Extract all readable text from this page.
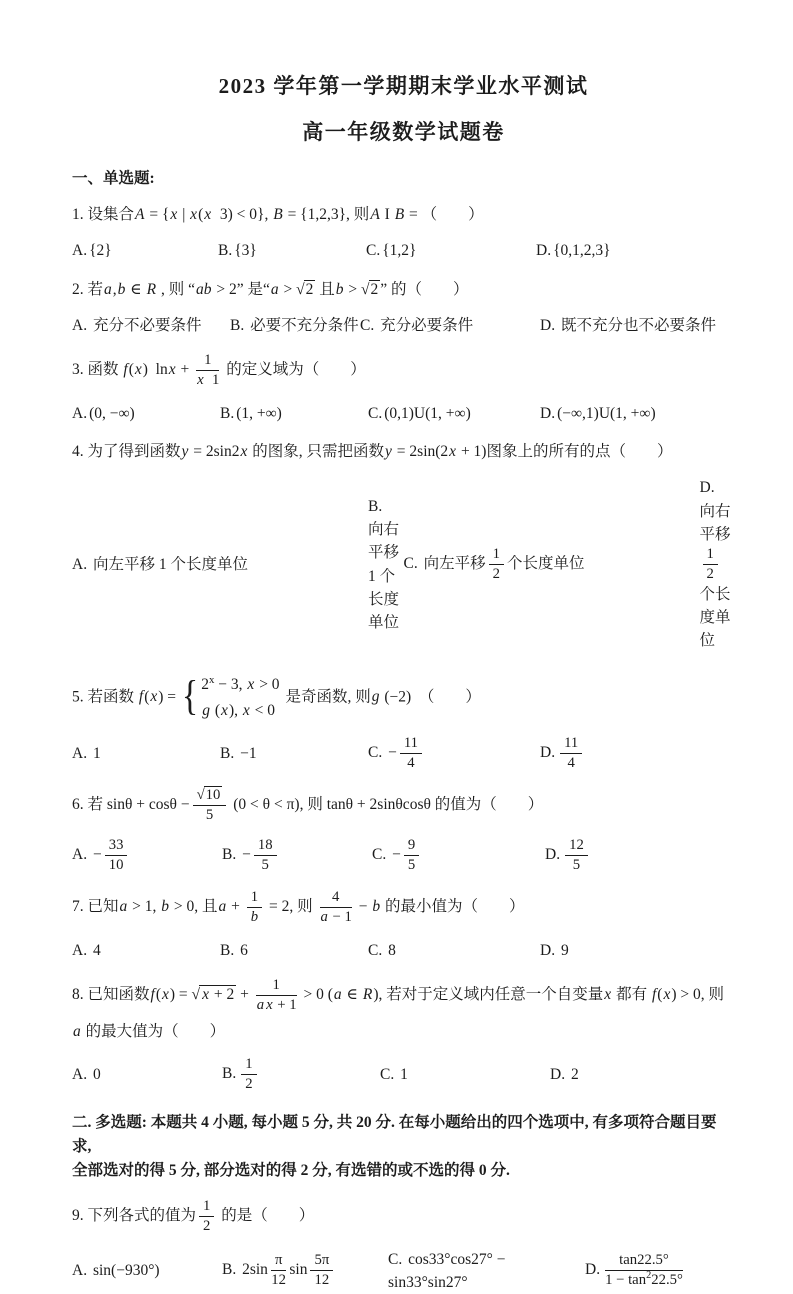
2023 学年第一学期期末学业水平测试
高一年级数学试题卷

一、单选题:

1. 设集合A = {x | x(x  3) < 0}, B = {1,2,3}, 则A I B = （　　）
A. {2}	B. {3}	C. {1,2}	D. {0,1,2,3}
2. 若a,b ∈ R , 则 “ab > 2” 是“a > √ 2 且b > √ 2 ” 的（　　）
A. 充分不必要条件	B. 必要不充分条件 C. 充分必要条件	D. 既不充分也不必要条件
3. 函数 f(x)  $\ln x + \frac{1}{x 1}$ 的定义域为（　　）
A. (0, −∞)	B. (1, +∞)	C. (0,1)U(1, +∞)	D. (−∞,1)U(1, +∞)
4. 为了得到函数y = 2sin2x 的图象, 只需把函数y = 2sin(2x + 1)图象上的所有的点（　　）
A. 向左平移 1 个长度单位
B. 向右平移 1 个长度单位
C. 向左平移 $\frac{1}{2}$ 个长度单位
D. 向右平移
$\frac{1}{2}$
个长度单位
5. 若函数 f(x) = { $2^x - 3$, x > 0
g (x), x < 0
是奇函数, 则g (−2)　（　　）
A. 1	B. −1	C. − $\frac{11}{4}$	D. $\frac{11}{4}$
6. 若 $\sin\theta + \cos\theta - \frac{√ 10}{5} (0 < \theta < \pi)$, 则 tanθ + 2sinθcosθ 的值为（　　）
A. − $\frac{33}{10}$	B. − $\frac{18}{5}$	C. − $\frac{9}{5}$	D. $\frac{12}{5}$
7. 已知a > 1, b > 0, 且$a + \frac{1}{b} = 2$, 则 $\frac{4}{a - 1} - b$ 的最小值为（　　）
A. 4	B. 6	C. 8	D. 9
8. 已知函数f(x) = √ $x + 2 + \frac{1}{\text{a x + 1}} > 0$ (a ∈ R), 若对于定义域内任意一个自变量x 都有 f(x) > 0, 则
a 的最大值为（　　）
A. 0	B. $\frac{1}{2}$	C. 1	D. 2

二. 多选题: 本题共 4 小题, 每小题 5 分, 共 20 分. 在每小题给出的四个选项中, 有多项符合题目要求,

全部选对的得 5 分, 部分选对的得 2 分, 有选错的或不选的得 0 分.

9. 下列各式的值为 $\frac{1}{2}$ 的是（　　）
A. sin(−930°)	B. $2\sin \frac{\pi}{12}$ $\sin \frac{5\pi}{12}$	C. cos33°cos27° − sin33°sin27°
D. $\frac{\tan 22.5^\circ}{1 - \tan^222.5^\circ}$
